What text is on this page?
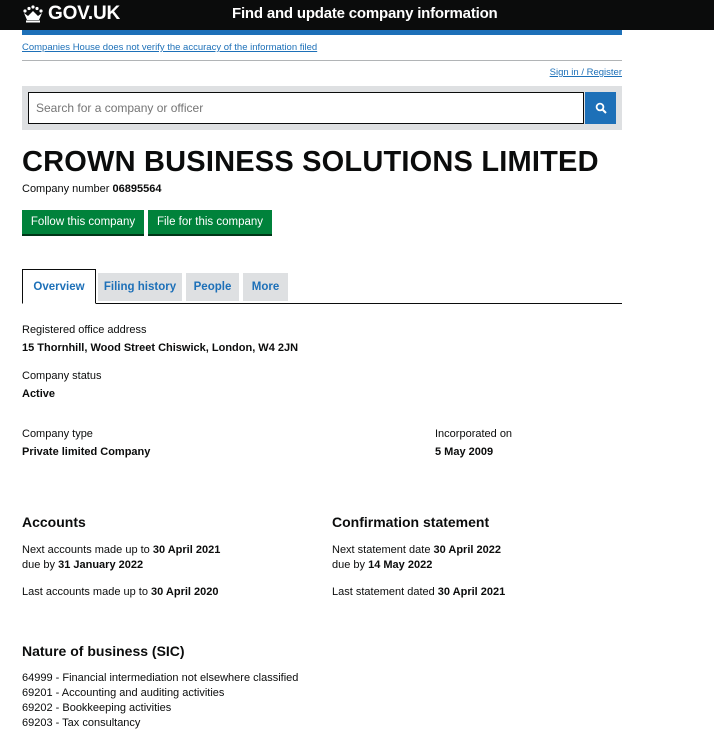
GOV.UK	Find and update company information
Companies House does not verify the accuracy of the information filed
Sign in / Register
Search for a company or officer
CROWN BUSINESS SOLUTIONS LIMITED
Company number 06895564
Follow this company	File for this company
Overview	Filing history	People	More
Registered office address
15 Thornhill, Wood Street Chiswick, London, W4 2JN
Company status
Active
Company type
Private limited Company
Incorporated on
5 May 2009
Accounts
Next accounts made up to 30 April 2021
due by 31 January 2022
Last accounts made up to 30 April 2020
Confirmation statement
Next statement date 30 April 2022
due by 14 May 2022
Last statement dated 30 April 2021
Nature of business (SIC)
64999 - Financial intermediation not elsewhere classified
69201 - Accounting and auditing activities
69202 - Bookkeeping activities
69203 - Tax consultancy
